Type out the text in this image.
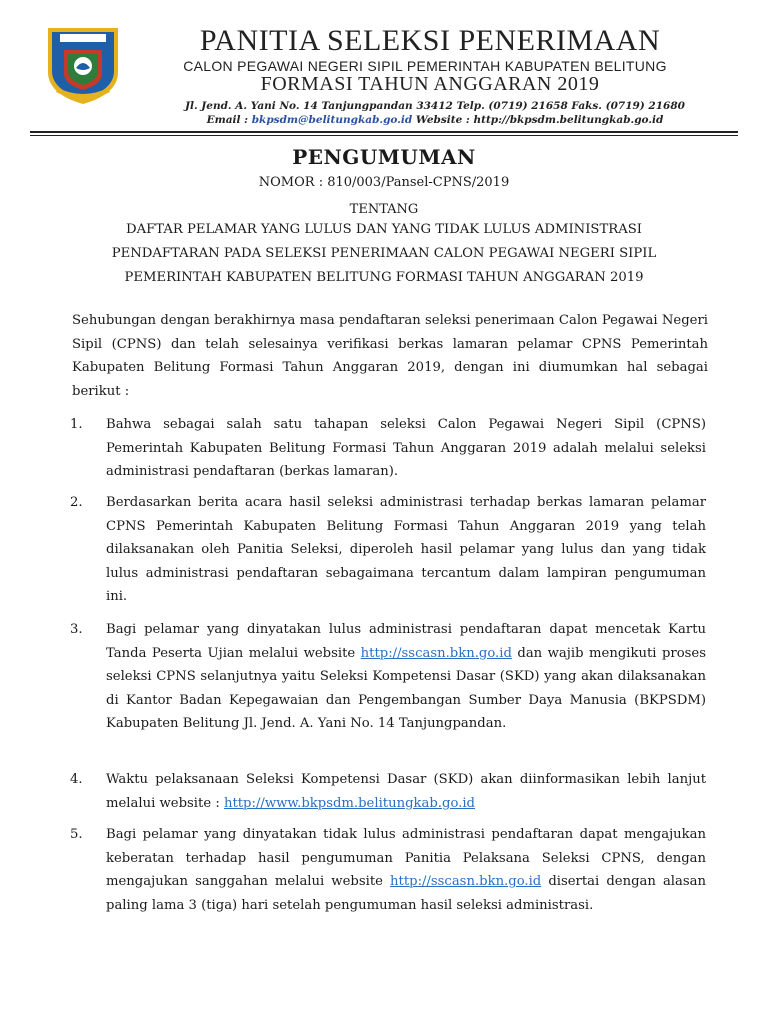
PANITIA SELEKSI PENERIMAAN
CALON PEGAWAI NEGERI SIPIL PEMERINTAH KABUPATEN BELITUNG
FORMASI TAHUN ANGGARAN 2019
Jl. Jend. A. Yani No. 14 Tanjungpandan 33412 Telp. (0719) 21658 Faks. (0719) 21680
Email : bkpsdm@belitungkab.go.id Website : http://bkpsdm.belitungkab.go.id
PENGUMUMAN
NOMOR : 810/003/Pansel-CPNS/2019
TENTANG
DAFTAR PELAMAR YANG LULUS DAN YANG TIDAK LULUS ADMINISTRASI
PENDAFTARAN PADA SELEKSI PENERIMAAN CALON PEGAWAI NEGERI SIPIL
PEMERINTAH KABUPATEN BELITUNG FORMASI TAHUN ANGGARAN 2019
Sehubungan dengan berakhirnya masa pendaftaran seleksi penerimaan Calon Pegawai Negeri Sipil (CPNS) dan telah selesainya verifikasi berkas lamaran pelamar CPNS Pemerintah Kabupaten Belitung Formasi Tahun Anggaran 2019, dengan ini diumumkan hal sebagai berikut :
1.	Bahwa sebagai salah satu tahapan seleksi Calon Pegawai Negeri Sipil (CPNS) Pemerintah Kabupaten Belitung Formasi Tahun Anggaran 2019 adalah melalui seleksi administrasi pendaftaran (berkas lamaran).
2.	Berdasarkan berita acara hasil seleksi administrasi terhadap berkas lamaran pelamar CPNS Pemerintah Kabupaten Belitung Formasi Tahun Anggaran 2019 yang telah dilaksanakan oleh Panitia Seleksi, diperoleh hasil pelamar yang lulus dan yang tidak lulus administrasi pendaftaran sebagaimana tercantum dalam lampiran pengumuman ini.
3.	Bagi pelamar yang dinyatakan lulus administrasi pendaftaran dapat mencetak Kartu Tanda Peserta Ujian melalui website http://sscasn.bkn.go.id dan wajib mengikuti proses seleksi CPNS selanjutnya yaitu Seleksi Kompetensi Dasar (SKD) yang akan dilaksanakan di Kantor Badan Kepegawaian dan Pengembangan Sumber Daya Manusia (BKPSDM) Kabupaten Belitung Jl. Jend. A. Yani No. 14 Tanjungpandan.
4.	Waktu pelaksanaan Seleksi Kompetensi Dasar (SKD) akan diinformasikan lebih lanjut melalui website : http://www.bkpsdm.belitungkab.go.id
5.	Bagi pelamar yang dinyatakan tidak lulus administrasi pendaftaran dapat mengajukan keberatan terhadap hasil pengumuman Panitia Pelaksana Seleksi CPNS, dengan mengajukan sanggahan melalui website http://sscasn.bkn.go.id disertai dengan alasan paling lama 3 (tiga) hari setelah pengumuman hasil seleksi administrasi.
